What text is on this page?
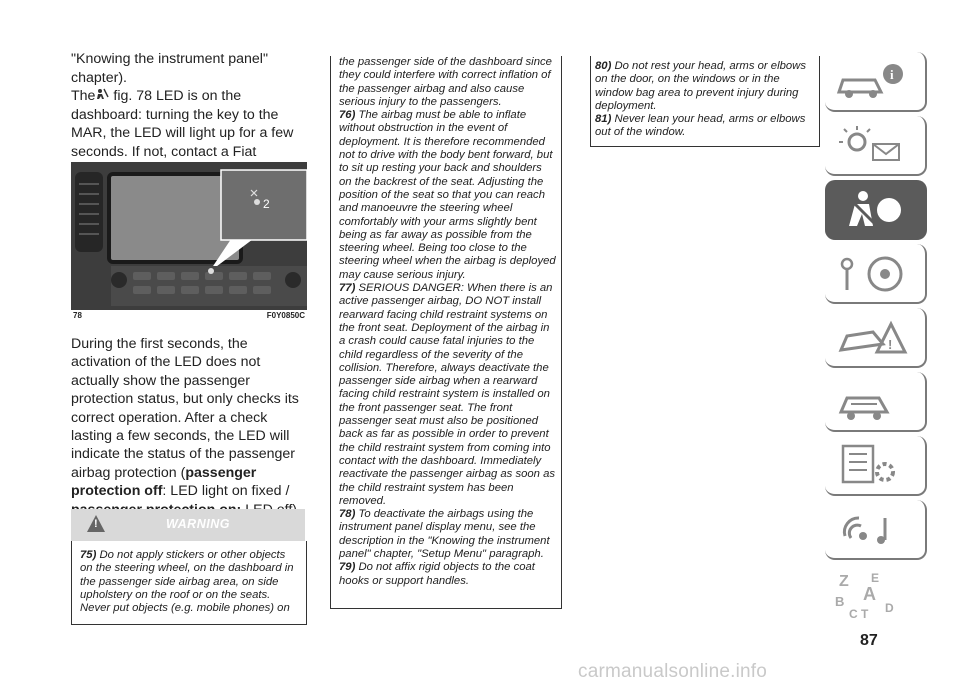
"Knowing the instrument panel" chapter).

The fig. 78 LED is on the dashboard: turning the key to the MAR, the LED will light up for a few seconds. If not, contact a Fiat

2
78	F0Y0850C

During the first seconds, the activation of the LED does not actually show the passenger protection status, but only checks its correct operation. After a check lasting a few seconds, the LED will indicate the status of the passenger airbag protection (passenger protection off: LED light on fixed /

!	WARNING

75) Do not apply stickers or other objects on the steering wheel, on the dashboard in the passenger side airbag area, on side upholstery on the roof or on the seats. Never put objects (e.g. mobile phones) on

the passenger side of the dashboard since they could interfere with correct inflation of the passenger airbag and also cause serious injury to the passengers.

76) The airbag must be able to inflate without obstruction in the event of deployment. It is therefore recommended not to drive with the body bent forward, but to sit up resting your back and shoulders on the backrest of the seat. Adjusting the position of the seat so that you can reach and manoeuvre the steering wheel comfortably with your arms slightly bent being as far away as possible from the steering wheel. Being too close to the steering wheel when the airbag is deployed may cause serious injury.

77) SERIOUS DANGER: When there is an active passenger airbag, DO NOT install rearward facing child restraint systems on the front seat. Deployment of the airbag in a crash could cause fatal injuries to the child regardless of the severity of the collision. Therefore, always deactivate the passenger side airbag when a rearward facing child restraint system is installed on the front passenger seat. The front passenger seat must also be positioned back as far as possible in order to prevent the child restraint system from coming into contact with the dashboard. Immediately reactivate the passenger airbag as soon as the child restraint system has been removed.

78) To deactivate the airbags using the instrument panel display menu, see the description in the "Knowing the instrument panel" chapter, "Setup Menu" paragraph.

79) Do not affix rigid objects to the coat hooks or support handles.

80) Do not rest your head, arms or elbows on the door, on the windows or in the window bag area to prevent injury during deployment.

81) Never lean your head, arms or elbows out of the window.

i
!
Z E
A
B
C T D
87
carmanualsonline.info
